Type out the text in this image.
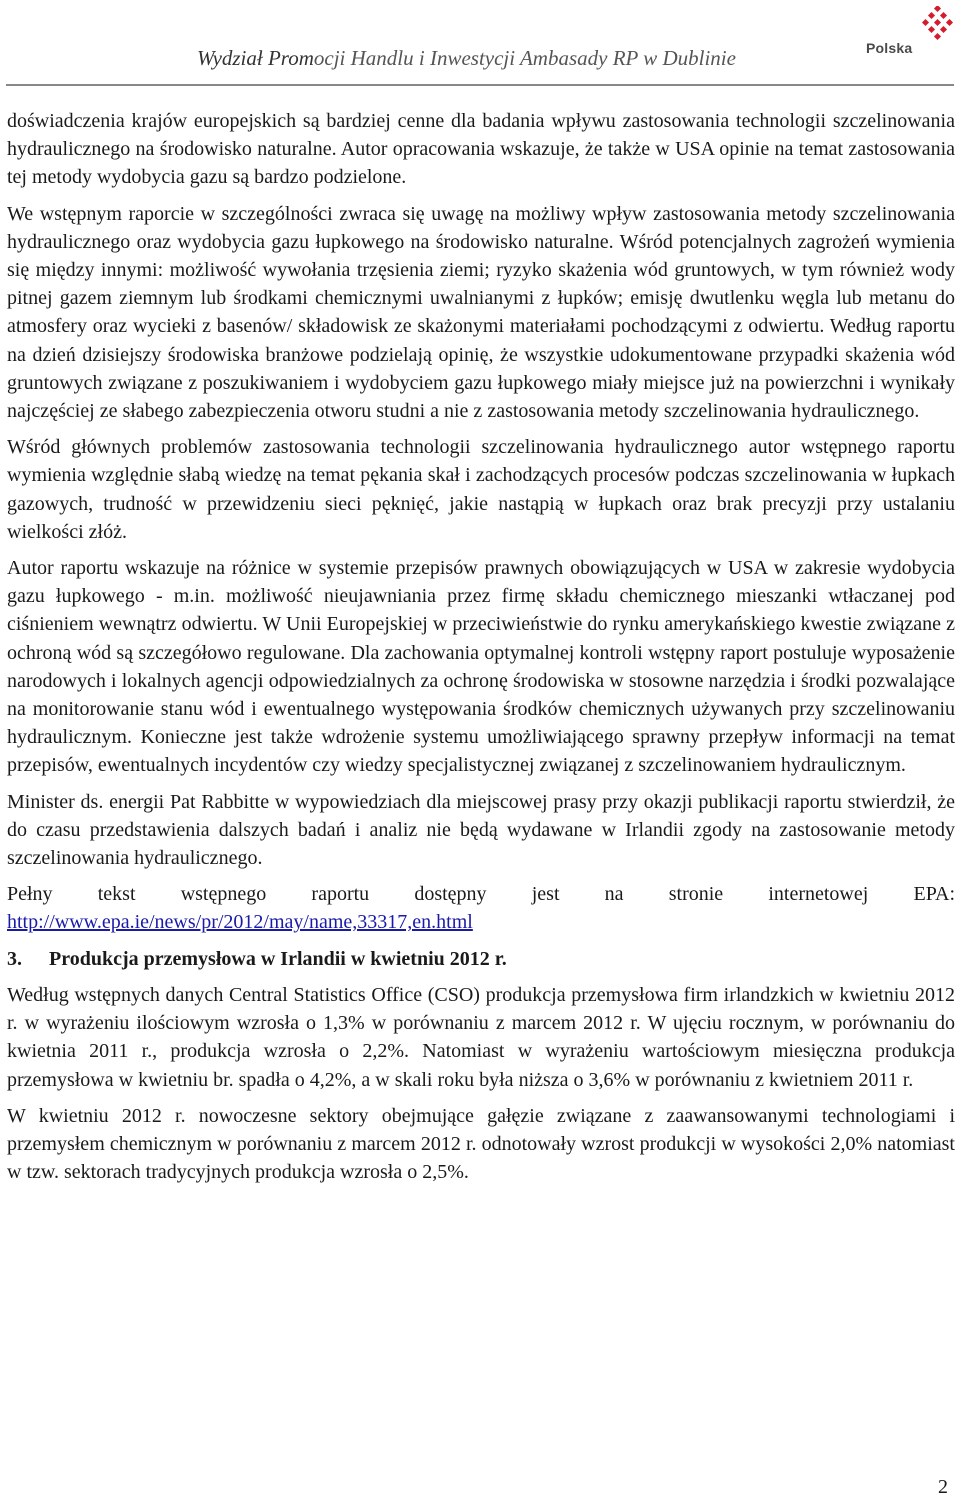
Wydział Promocji Handlu i Inwestycji Ambasady RP w Dublinie	Polska

doświadczenia krajów europejskich są bardziej cenne dla badania wpływu zastosowania technologii szczelinowania hydraulicznego na środowisko naturalne. Autor opracowania wskazuje, że także w USA opinie na temat zastosowania tej metody wydobycia gazu są bardzo podzielone.

We wstępnym raporcie w szczególności zwraca się uwagę na możliwy wpływ zastosowania metody szczelinowania hydraulicznego oraz wydobycia gazu łupkowego na środowisko naturalne. Wśród potencjalnych zagrożeń wymienia się między innymi: możliwość wywołania trzęsienia ziemi; ryzyko skażenia wód gruntowych, w tym również wody pitnej gazem ziemnym lub środkami chemicznymi uwalnianymi z łupków; emisję dwutlenku węgla lub metanu do atmosfery oraz wycieki z basenów/ składowisk ze skażonymi materiałami pochodzącymi z odwiertu. Według raportu na dzień dzisiejszy środowiska branżowe podzielają opinię, że wszystkie udokumentowane przypadki skażenia wód gruntowych związane z poszukiwaniem i wydobyciem gazu łupkowego miały miejsce już na powierzchni i wynikały najczęściej ze słabego zabezpieczenia otworu studni a nie z zastosowania metody szczelinowania hydraulicznego.

Wśród głównych problemów zastosowania technologii szczelinowania hydraulicznego autor wstępnego raportu wymienia względnie słabą wiedzę na temat pękania skał i zachodzących procesów podczas szczelinowania w łupkach gazowych, trudność w przewidzeniu sieci pęknięć, jakie nastąpią w łupkach oraz brak precyzji przy ustalaniu wielkości złóż.

Autor raportu wskazuje na różnice w systemie przepisów prawnych obowiązujących w USA w zakresie wydobycia gazu łupkowego - m.in. możliwość nieujawniania przez firmę składu chemicznego mieszanki wtłaczanej pod ciśnieniem wewnątrz odwiertu. W Unii Europejskiej w przeciwieństwie do rynku amerykańskiego kwestie związane z ochroną wód są szczegółowo regulowane. Dla zachowania optymalnej kontroli wstępny raport postuluje wyposażenie narodowych i lokalnych agencji odpowiedzialnych za ochronę środowiska w stosowne narzędzia i środki pozwalające na monitorowanie stanu wód i ewentualnego występowania środków chemicznych używanych przy szczelinowaniu hydraulicznym. Konieczne jest także wdrożenie systemu umożliwiającego sprawny przepływ informacji na temat przepisów, ewentualnych incydentów czy wiedzy specjalistycznej związanej z szczelinowaniem hydraulicznym.

Minister ds. energii Pat Rabbitte w wypowiedziach dla miejscowej prasy przy okazji publikacji raportu stwierdził, że do czasu przedstawienia dalszych badań i analiz nie będą wydawane w Irlandii zgody na zastosowanie metody szczelinowania hydraulicznego.

Pełny tekst wstępnego raportu dostępny jest na stronie internetowej EPA: http://www.epa.ie/news/pr/2012/may/name,33317,en.html

3. Produkcja przemysłowa w Irlandii w kwietniu 2012 r.

Według wstępnych danych Central Statistics Office (CSO) produkcja przemysłowa firm irlandzkich w kwietniu 2012 r. w wyrażeniu ilościowym wzrosła o 1,3% w porównaniu z marcem 2012 r. W ujęciu rocznym, w porównaniu do kwietnia 2011 r., produkcja wzrosła o 2,2%. Natomiast w wyrażeniu wartościowym miesięczna produkcja przemysłowa w kwietniu br. spadła o 4,2%, a w skali roku była niższa o 3,6% w porównaniu z kwietniem 2011 r.

W kwietniu 2012 r. nowoczesne sektory obejmujące gałęzie związane z zaawansowanymi technologiami i przemysłem chemicznym w porównaniu z marcem 2012 r. odnotowały wzrost produkcji w wysokości 2,0% natomiast w tzw. sektorach tradycyjnych produkcja wzrosła o 2,5%.

2
